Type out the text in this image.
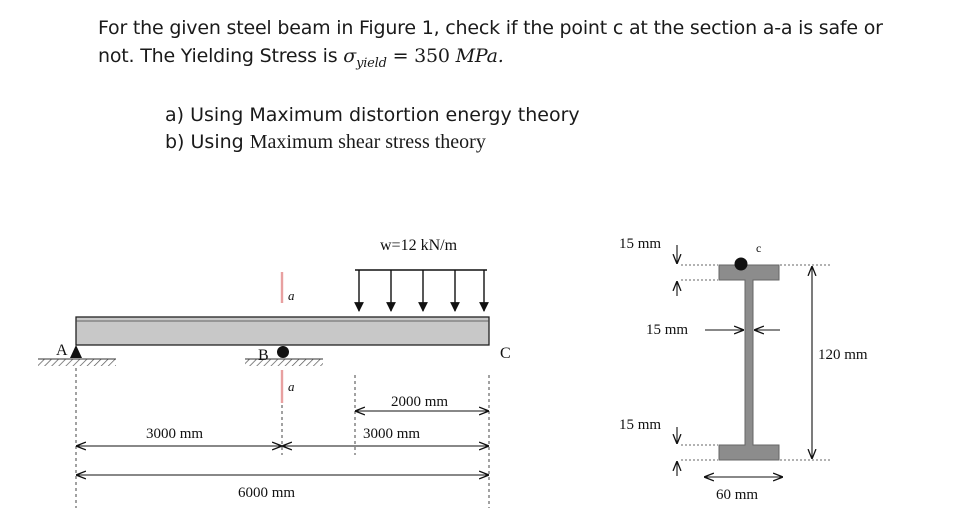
For the given steel beam in Figure 1, check if the point c at the section a-a is safe or
not. The Yielding Stress is $\sigma_{yield} = 350$ MPa.
a) Using Maximum distortion energy theory
b) Using Maximum shear stress theory
A	B	C
a
a
w=12 kN/m
2000 mm
3000 mm	3000 mm
6000 mm
c
15 mm
15 mm
15 mm
120 mm
60 mm
